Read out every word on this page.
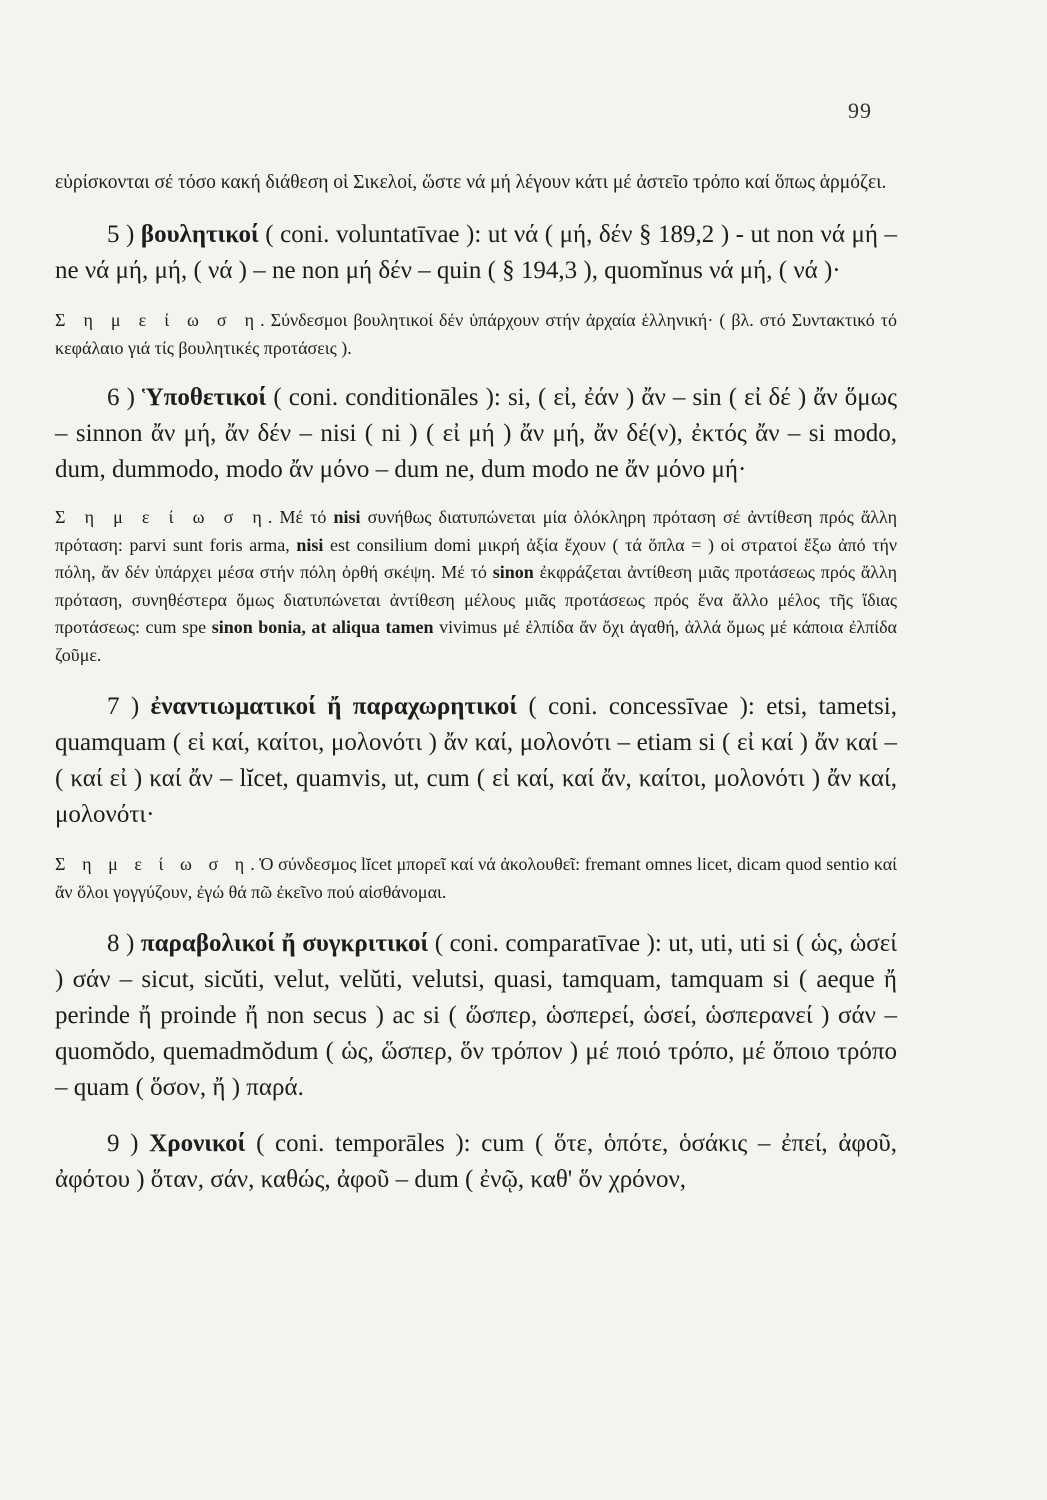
99

εὑρίσκονται σέ τόσο κακή διάθεση οἱ Σικελοί, ὥστε νά μή λέγουν κάτι μέ ἀστεῖο τρόπο καί ὅπως ἁρμόζει.

5 ) βουλητικοί ( coni. voluntatīvae ): ut νά ( μή, δέν § 189,2 ) - ut non νά μή – ne νά μή, μή, ( νά ) – ne non μή δέν – quin ( § 194,3 ), quomĭnus νά μή, ( νά )·

Σ η μ ε ί ω σ η. Σύνδεσμοι βουλητικοί δέν ὑπάρχουν στήν ἀρχαία ἑλληνική· ( βλ. στό Συντακτικό τό κεφάλαιο γιά τίς βουλητικές προτάσεις ).

6 ) Ὑποθετικοί ( coni. conditionāles ): si, ( εἰ, ἐάν ) ἄν – sin ( εἰ δέ ) ἄν ὅμως – sinnon ἄν μή, ἄν δέν – nisi ( ni ) ( εἰ μή ) ἄν μή, ἄν δέ(ν), ἐκτός ἄν – si modo, dum, dummodo, modo ἄν μόνο – dum ne, dum modo ne ἄν μόνο μή·

Σ η μ ε ί ω σ η. Μέ τό nisi συνήθως διατυπώνεται μία ὁλόκληρη πρόταση σέ ἀντίθεση πρός ἄλλη πρόταση: parvi sunt foris arma, nisi est consilium domi μικρή ἀξία ἔχουν ( τά ὅπλα = ) οἱ στρατοί ἔξω ἀπό τήν πόλη, ἄν δέν ὑπάρχει μέσα στήν πόλη ὀρθή σκέψη. Μέ τό sinon ἐκφράζεται ἀντίθεση μιᾶς προτάσεως πρός ἄλλη πρόταση, συνηθέστερα ὅμως διατυπώνεται ἀντίθεση μέλους μιᾶς προτάσεως πρός ἕνα ἄλλο μέλος τῆς ἴδιας προτάσεως: cum spe sinon bonia, at aliqua tamen vivimus μέ ἐλπίδα ἄν ὄχι ἀγαθή, ἀλλά ὅμως μέ κάποια ἐλπίδα ζοῦμε.

7 ) ἐναντιωματικοί ἤ παραχωρητικοί ( coni. concessīvae ): etsi, tametsi, quamquam ( εἰ καί, καίτοι, μολονότι ) ἄν καί, μολονότι – etiam si ( εἰ καί ) ἄν καί – ( καί εἰ ) καί ἄν – lĭcet, quamvis, ut, cum ( εἰ καί, καί ἄν, καίτοι, μολονότι ) ἄν καί, μολονότι·

Σ η μ ε ί ω σ η. Ὁ σύνδεσμος lĭcet μπορεῖ καί νά ἀκολουθεῖ: fremant omnes licet, dicam quod sentio καί ἄν ὅλοι γογγύζουν, ἐγώ θά πῶ ἐκεῖνο πού αἰσθάνομαι.

8 ) παραβολικοί ἤ συγκριτικοί ( coni. comparatīvae ): ut, uti, uti si ( ὡς, ὡσεί ) σάν – sicut, sicŭti, velut, velŭti, velutsi, quasi, tamquam, tamquam si ( aeque ἤ perinde ἤ proinde ἤ non secus ) ac si ( ὥσπερ, ὡσπερεί, ὡσεί, ὡσπερανεί ) σάν – quomŏdo, quemadmŏdum ( ὡς, ὥσπερ, ὅν τρόπον ) μέ ποιό τρόπο, μέ ὅποιο τρόπο – quam ( ὅσον, ἤ ) παρά.

9 ) Χρονικοί ( coni. temporāles ): cum ( ὅτε, ὁπότε, ὁσάκις – ἐπεί, ἀφοῦ, ἀφότου ) ὅταν, σάν, καθώς, ἀφοῦ – dum ( ἐνῷ, καθ' ὅν χρόνον,
